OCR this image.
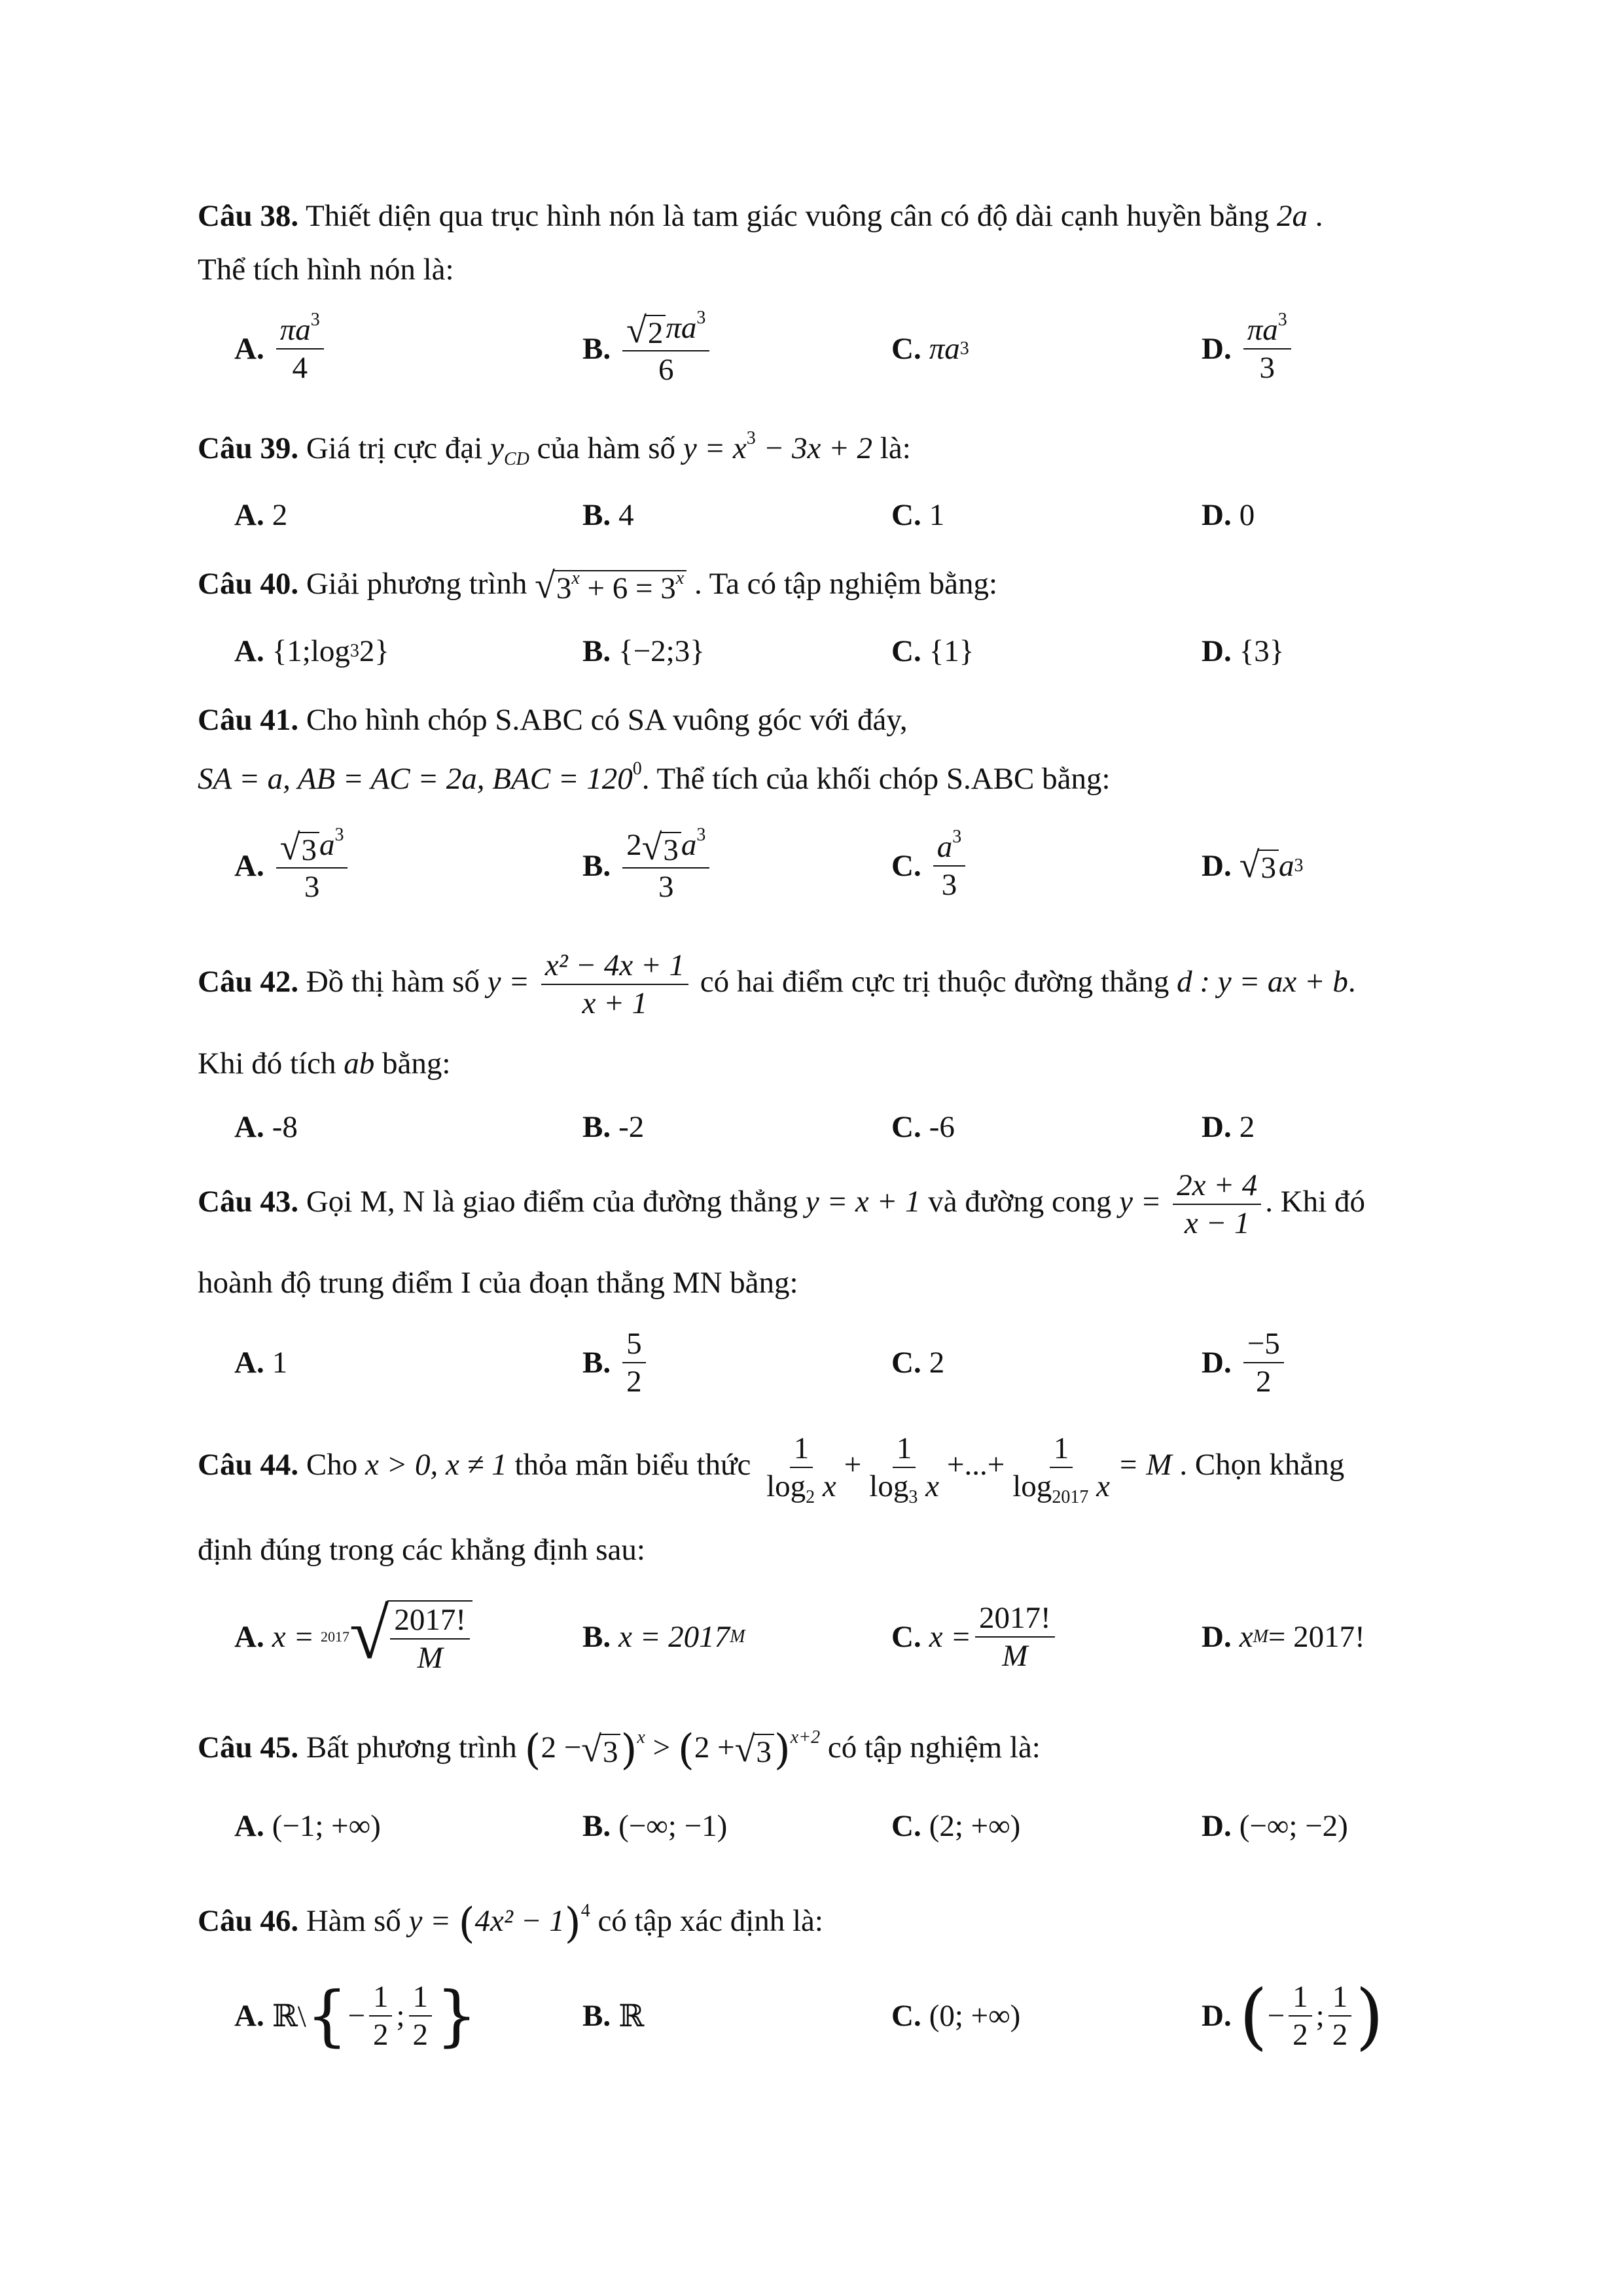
Câu 38. Thiết diện qua trục hình nón là tam giác vuông cân có độ dài cạnh huyền bằng 2a .
Thể tích hình nón là:
A. $\frac{\pi a^3}{4}$	B. $\frac{√ 2 \pi a^3}{6}$	C. πa 3	D. $\frac{\pi a^3}{3}$
Câu 39. Giá trị cực đại $y_{CD}$ của hàm số $y = x^3 - 3x + 2$ là:
A. 2	B. 4	C. 1	D. 0
Câu 40. Giải phương trình √ $3^x + 6 = 3^x$ . Ta có tập nghiệm bằng:
A. {1;log 3 2}	B. {−2;3}	C. {1}	D. {3}
Câu 41. Cho hình chóp S.ABC có SA vuông góc với đáy,
SA = a, AB = AC = 2a, BAC = $120^0$. Thể tích của khối chóp S.ABC bằng:
A. $\frac{√ 3 a^3}{3}$	B. $\frac{2 √ 3 a^3}{3}$	C. $\frac{a^3}{3}$	D. √ 3 a 3
Câu 42. Đồ thị hàm số $y = \frac{\text{x² − 4x + 1}}{x + 1}$ có hai điểm cực trị thuộc đường thẳng d : y = ax + b.
Khi đó tích ab bằng:
A. -8	B. -2	C. -6	D. 2
Câu 43. Gọi M, N là giao điểm của đường thẳng y = x + 1 và đường cong $y = \frac{2x + 4}{x - 1}$ . Khi đó
hoành độ trung điểm I của đoạn thẳng MN bằng:
A. 1	B. $\frac{5}{2}$	C. 2	D. $\frac{-5}{2}$
Câu 44. Cho x > 0, x ≠ 1 thỏa mãn biểu thức $\frac{1}{\log_2 x} + \frac{1}{\log_3 x}$ +...+ $\frac{1}{\log_{2017} x} = M$ . Chọn khẳng
định đúng trong các khẳng định sau:
A. x = 2017 √ $\frac{2017!}{M}$	B. x = 2017 M	C. $x = \frac{2017!}{M}$	D. x M = 2017!
Câu 45. Bất phương trình (2 − √ 3 )$^x$ > (2 + √ 3 )$^{x+2}$ có tập nghiệm là:
A. (−1; +∞)	B. (−∞; −1)	C. (2; +∞)	D. (−∞; −2)
Câu 46. Hàm số $y = (4x^2 - 1)^4$ có tập xác định là:
A. ℝ\ { − $\frac{1}{2}$ ; $\frac{1}{2}$ }	B. ℝ	C. (0; +∞)	D. ( − $\frac{1}{2}$ ; $\frac{1}{2}$ )
